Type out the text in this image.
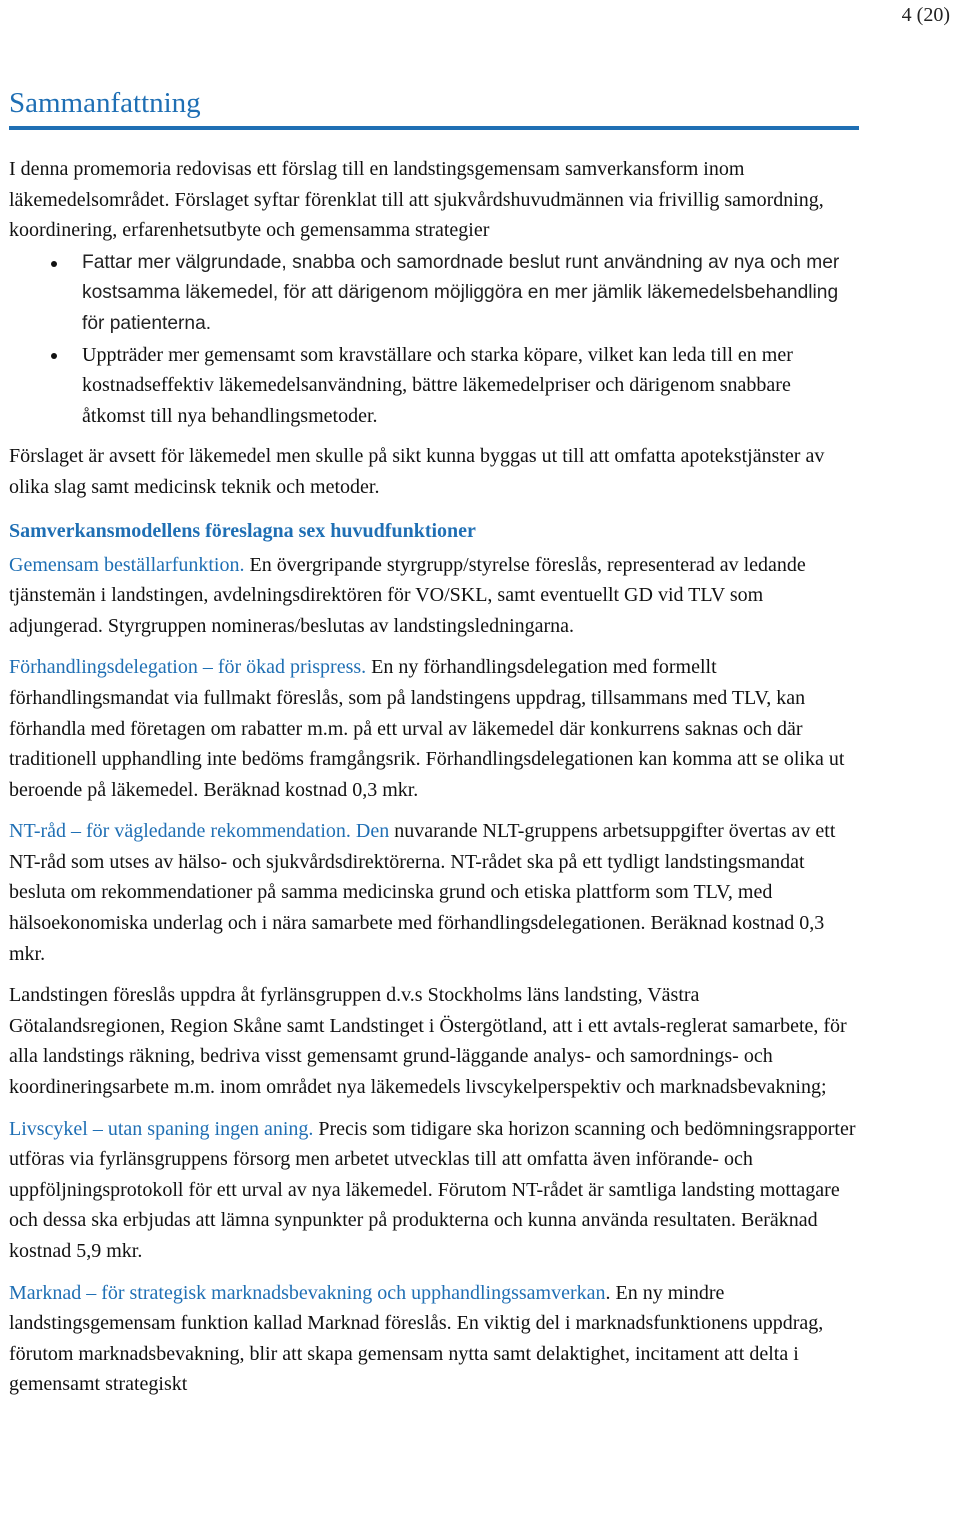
4 (20)
Sammanfattning

I denna promemoria redovisas ett förslag till en landstingsgemensam samverkansform inom läkemedelsområdet. Förslaget syftar förenklat till att sjukvårdshuvudmännen via frivillig samordning, koordinering, erfarenhetsutbyte och gemensamma strategier

Fattar mer välgrundade, snabba och samordnade beslut runt användning av nya och mer kostsamma läkemedel, för att därigenom möjliggöra en mer jämlik läkemedelsbehandling för patienterna.
Uppträder mer gemensamt som kravställare och starka köpare, vilket kan leda till en mer kostnadseffektiv läkemedelsanvändning, bättre läkemedelpriser och därigenom snabbare åtkomst till nya behandlingsmetoder.

Förslaget är avsett för läkemedel men skulle på sikt kunna byggas ut till att omfatta apotekstjänster av olika slag samt medicinsk teknik och metoder.

Samverkansmodellens föreslagna sex huvudfunktioner

Gemensam beställarfunktion. En övergripande styrgrupp/styrelse föreslås, representerad av ledande tjänstemän i landstingen, avdelningsdirektören för VO/SKL, samt eventuellt GD vid TLV som adjungerad. Styrgruppen nomineras/beslutas av landstingsledningarna.

Förhandlingsdelegation – för ökad prispress. En ny förhandlingsdelegation med formellt förhandlingsmandat via fullmakt föreslås, som på landstingens uppdrag, tillsammans med TLV, kan förhandla med företagen om rabatter m.m. på ett urval av läkemedel där konkurrens saknas och där traditionell upphandling inte bedöms framgångsrik. Förhandlingsdelegationen kan komma att se olika ut beroende på läkemedel. Beräknad kostnad 0,3 mkr.

NT-råd – för vägledande rekommendation. Den nuvarande NLT-gruppens arbetsuppgifter övertas av ett NT-råd som utses av hälso- och sjukvårdsdirektörerna. NT-rådet ska på ett tydligt landstingsmandat besluta om rekommendationer på samma medicinska grund och etiska plattform som TLV, med hälsoekonomiska underlag och i nära samarbete med förhandlingsdelegationen. Beräknad kostnad 0,3 mkr.

Landstingen föreslås uppdra åt fyrlänsgruppen d.v.s Stockholms läns landsting, Västra Götalandsregionen, Region Skåne samt Landstinget i Östergötland, att i ett avtals-reglerat samarbete, för alla landstings räkning, bedriva visst gemensamt grund-läggande analys- och samordnings- och koordineringsarbete m.m. inom området nya läkemedels livscykelperspektiv och marknadsbevakning;

Livscykel – utan spaning ingen aning. Precis som tidigare ska horizon scanning och bedömningsrapporter utföras via fyrlänsgruppens försorg men arbetet utvecklas till att omfatta även införande- och uppföljningsprotokoll för ett urval av nya läkemedel. Förutom NT-rådet är samtliga landsting mottagare och dessa ska erbjudas att lämna synpunkter på produkterna och kunna använda resultaten. Beräknad kostnad 5,9 mkr.

Marknad – för strategisk marknadsbevakning och upphandlingssamverkan. En ny mindre landstingsgemensam funktion kallad Marknad föreslås. En viktig del i marknadsfunktionens uppdrag, förutom marknadsbevakning, blir att skapa gemensam nytta samt delaktighet, incitament att delta i gemensamt strategiskt
